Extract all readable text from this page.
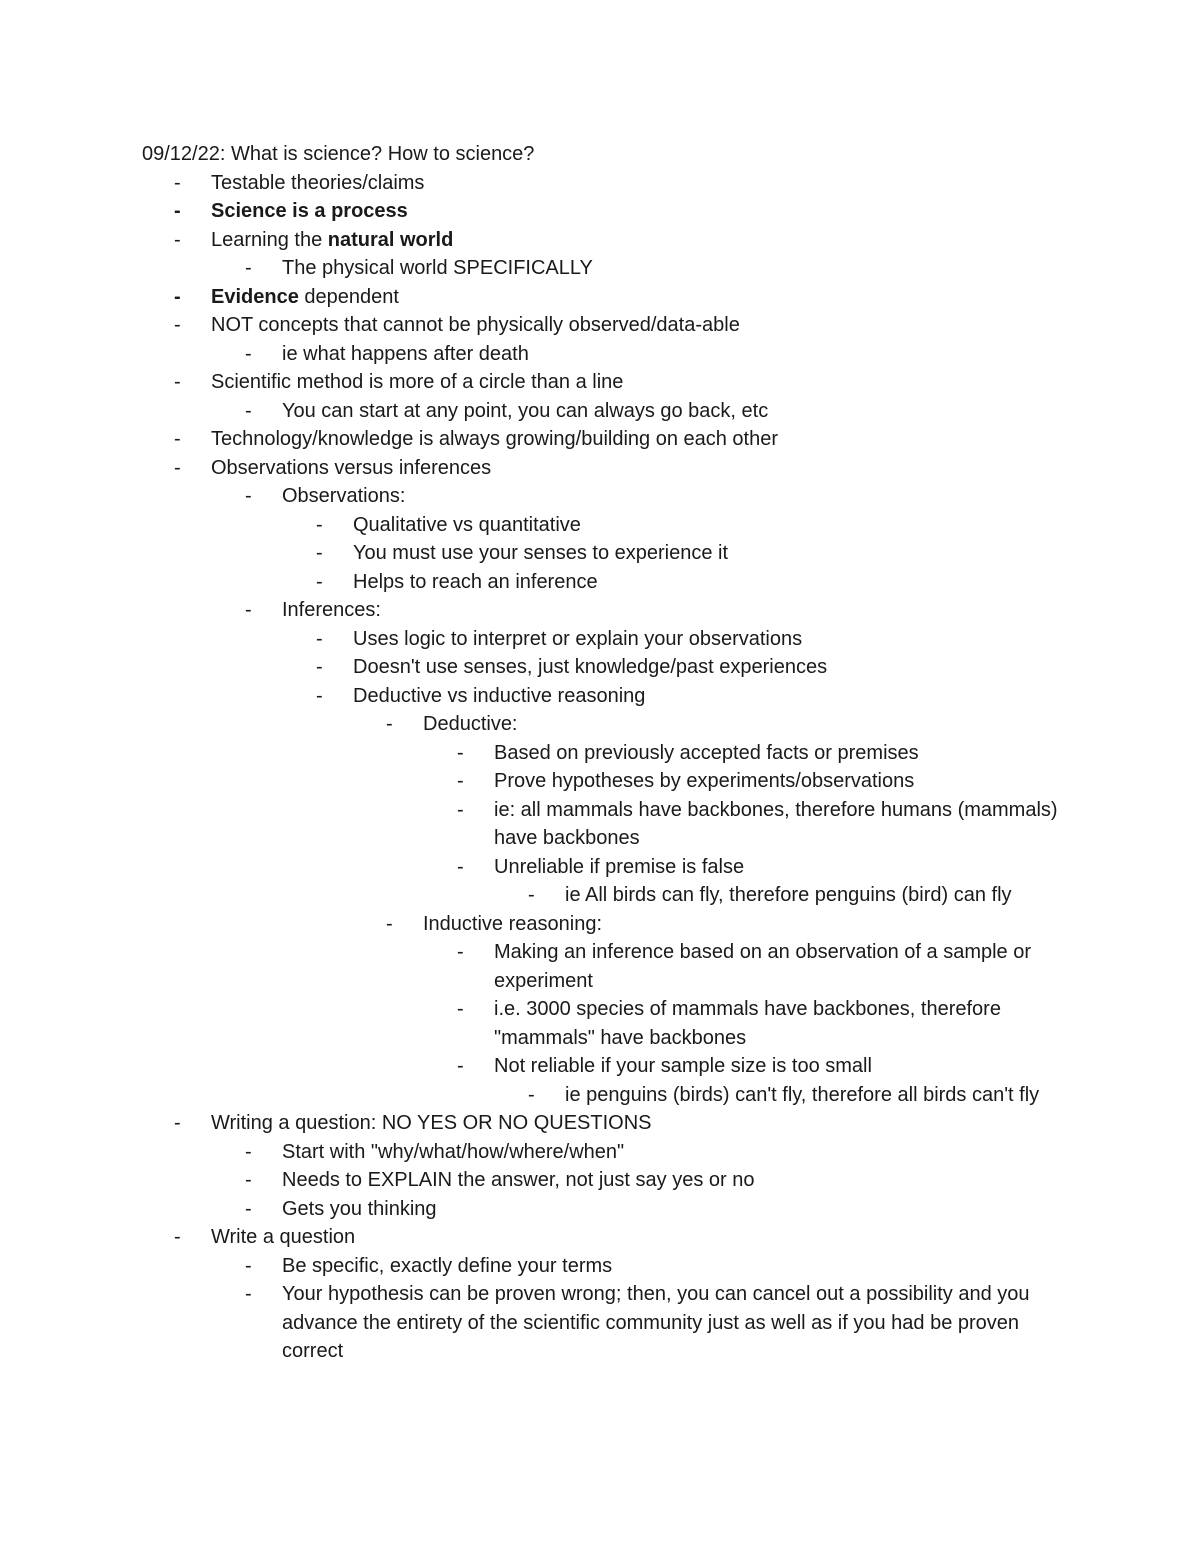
09/12/22: What is science? How to science?
-	Testable theories/claims
-	Science is a process
-	Learning the natural world
-	The physical world SPECIFICALLY
-	Evidence dependent
-	NOT concepts that cannot be physically observed/data-able
-	ie what happens after death
-	Scientific method is more of a circle than a line
-	You can start at any point, you can always go back, etc
-	Technology/knowledge is always growing/building on each other
-	Observations versus inferences
-	Observations:
-	Qualitative vs quantitative
-	You must use your senses to experience it
-	Helps to reach an inference
-	Inferences:
-	Uses logic to interpret or explain your observations
-	Doesn't use senses, just knowledge/past experiences
-	Deductive vs inductive reasoning
-	Deductive:
-	Based on previously accepted facts or premises
-	Prove hypotheses by experiments/observations
-	ie: all mammals have backbones, therefore humans (mammals) have backbones
-	Unreliable if premise is false
-	ie All birds can fly, therefore penguins (bird) can fly
-	Inductive reasoning:
-	Making an inference based on an observation of a sample or experiment
-	i.e. 3000 species of mammals have backbones, therefore "mammals" have backbones
-	Not reliable if your sample size is too small
-	ie penguins (birds) can't fly, therefore all birds can't fly
-	Writing a question: NO YES OR NO QUESTIONS
-	Start with "why/what/how/where/when"
-	Needs to EXPLAIN the answer, not just say yes or no
-	Gets you thinking
-	Write a question
-	Be specific, exactly define your terms
-	Your hypothesis can be proven wrong; then, you can cancel out a possibility and you advance the entirety of the scientific community just as well as if you had be proven correct
